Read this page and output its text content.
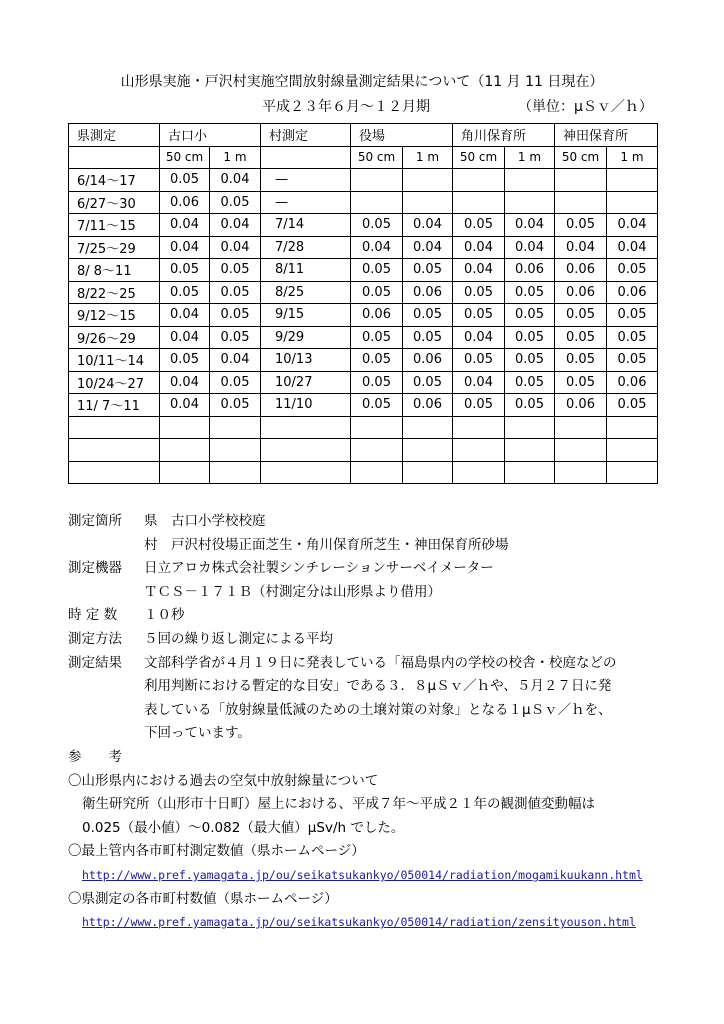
山形県実施・戸沢村実施空間放射線量測定結果について（11 月 11 日現在）
平成２３年６月～１２月期	（単位：μＳｖ／ｈ）
県測定	古口小		村測定	役場		角川保育所		神田保育所	
	50 cm	1 m		50 cm	1 m	50 cm	1 m	50 cm	1 m
6/14～17	0.05	0.04	—						
6/27～30	0.06	0.05	—						
7/11～15	0.04	0.04	7/14	0.05	0.04	0.05	0.04	0.05	0.04
7/25～29	0.04	0.04	7/28	0.04	0.04	0.04	0.04	0.04	0.04
8/ 8～11	0.05	0.05	8/11	0.05	0.05	0.04	0.06	0.06	0.05
8/22～25	0.05	0.05	8/25	0.05	0.06	0.05	0.05	0.06	0.06
9/12～15	0.04	0.05	9/15	0.06	0.05	0.05	0.05	0.05	0.05
9/26～29	0.04	0.05	9/29	0.05	0.05	0.04	0.05	0.05	0.05
10/11～14	0.05	0.04	10/13	0.05	0.06	0.05	0.05	0.05	0.05
10/24～27	0.04	0.05	10/27	0.05	0.05	0.04	0.05	0.05	0.06
11/ 7～11	0.04	0.05	11/10	0.05	0.06	0.05	0.05	0.06	0.05

測定箇所 県　古口小学校校庭
村　戸沢村役場正面芝生・角川保育所芝生・神田保育所砂場
測定機器 日立アロカ株式会社製シンチレーションサーベイメーター
ＴＣＳ－１７１Ｂ（村測定分は山形県より借用）
時 定 数 １０秒
測定方法 ５回の繰り返し測定による平均
測定結果 文部科学省が４月１９日に発表している「福島県内の学校の校舎・校庭などの
利用判断における暫定的な目安」である３．８μＳｖ／ｈや、５月２７日に発
表している「放射線量低減のための土壌対策の対象」となる１μＳｖ／ｈを、
下回っています。
参　　考
〇山形県内における過去の空気中放射線量について
衛生研究所（山形市十日町）屋上における、平成７年～平成２１年の観測値変動幅は
0.025（最小値）～0.082（最大値）μSv/h でした。
〇最上管内各市町村測定数値（県ホームページ）
http://www.pref.yamagata.jp/ou/seikatsukankyo/050014/radiation/mogamikuukann.html
〇県測定の各市町村数値（県ホームページ）
http://www.pref.yamagata.jp/ou/seikatsukankyo/050014/radiation/zensityouson.html
